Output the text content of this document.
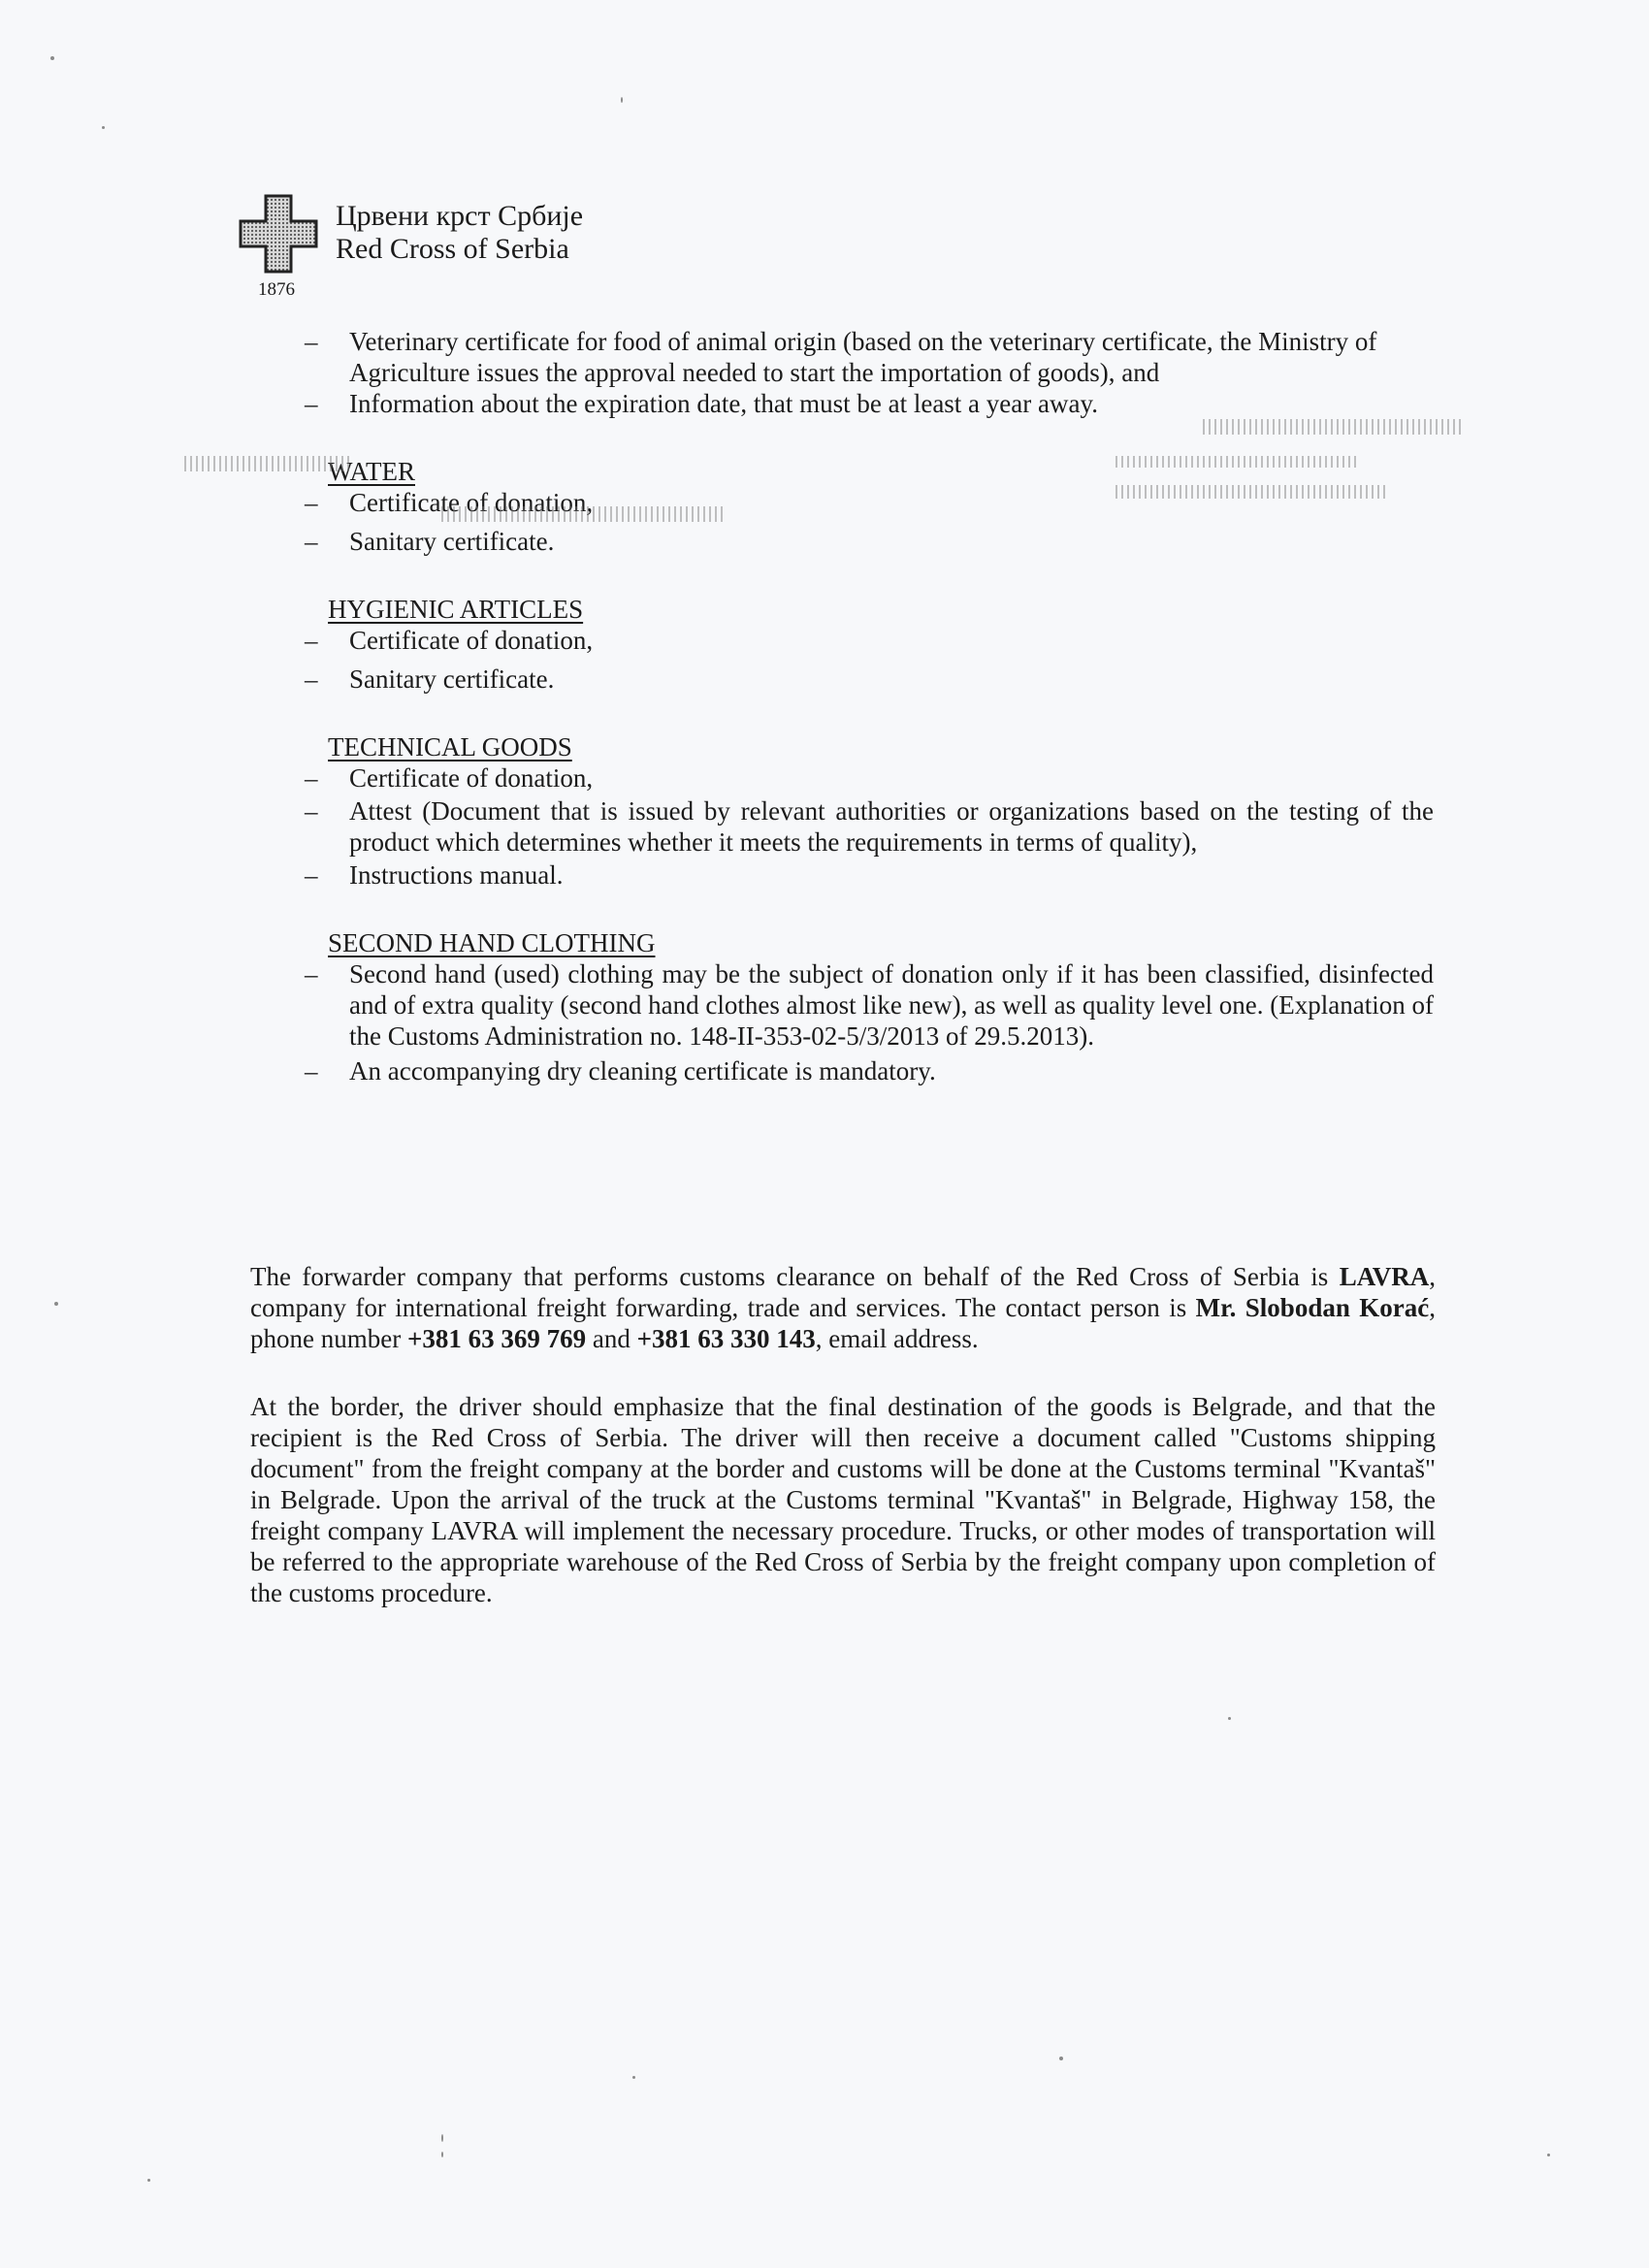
Црвени крст Србије
Red Cross of Serbia
1876
– Veterinary certificate for food of animal origin (based on the veterinary certificate, the Ministry of Agriculture issues the approval needed to start the importation of goods), and
– Information about the expiration date, that must be at least a year away.
WATER
– Certificate of donation,
– Sanitary certificate.
HYGIENIC ARTICLES
– Certificate of donation,
– Sanitary certificate.
TECHNICAL GOODS
– Certificate of donation,
– Attest (Document that is issued by relevant authorities or organizations based on the testing of the product which determines whether it meets the requirements in terms of quality),
– Instructions manual.
SECOND HAND CLOTHING
– Second hand (used) clothing may be the subject of donation only if it has been classified, disinfected and of extra quality (second hand clothes almost like new), as well as quality level one. (Explanation of the Customs Administration no. 148-II-353-02-5/3/2013 of 29.5.2013).
– An accompanying dry cleaning certificate is mandatory.

The forwarder company that performs customs clearance on behalf of the Red Cross of Serbia is LAVRA, company for international freight forwarding, trade and services. The contact person is Mr. Slobodan Korać, phone number +381 63 369 769 and +381 63 330 143, email address.

At the border, the driver should emphasize that the final destination of the goods is Belgrade, and that the recipient is the Red Cross of Serbia. The driver will then receive a document called "Customs shipping document" from the freight company at the border and customs will be done at the Customs terminal "Kvantaš" in Belgrade. Upon the arrival of the truck at the Customs terminal "Kvantaš" in Belgrade, Highway 158, the freight company LAVRA will implement the necessary procedure. Trucks, or other modes of transportation will be referred to the appropriate warehouse of the Red Cross of Serbia by the freight company upon completion of the customs procedure.
